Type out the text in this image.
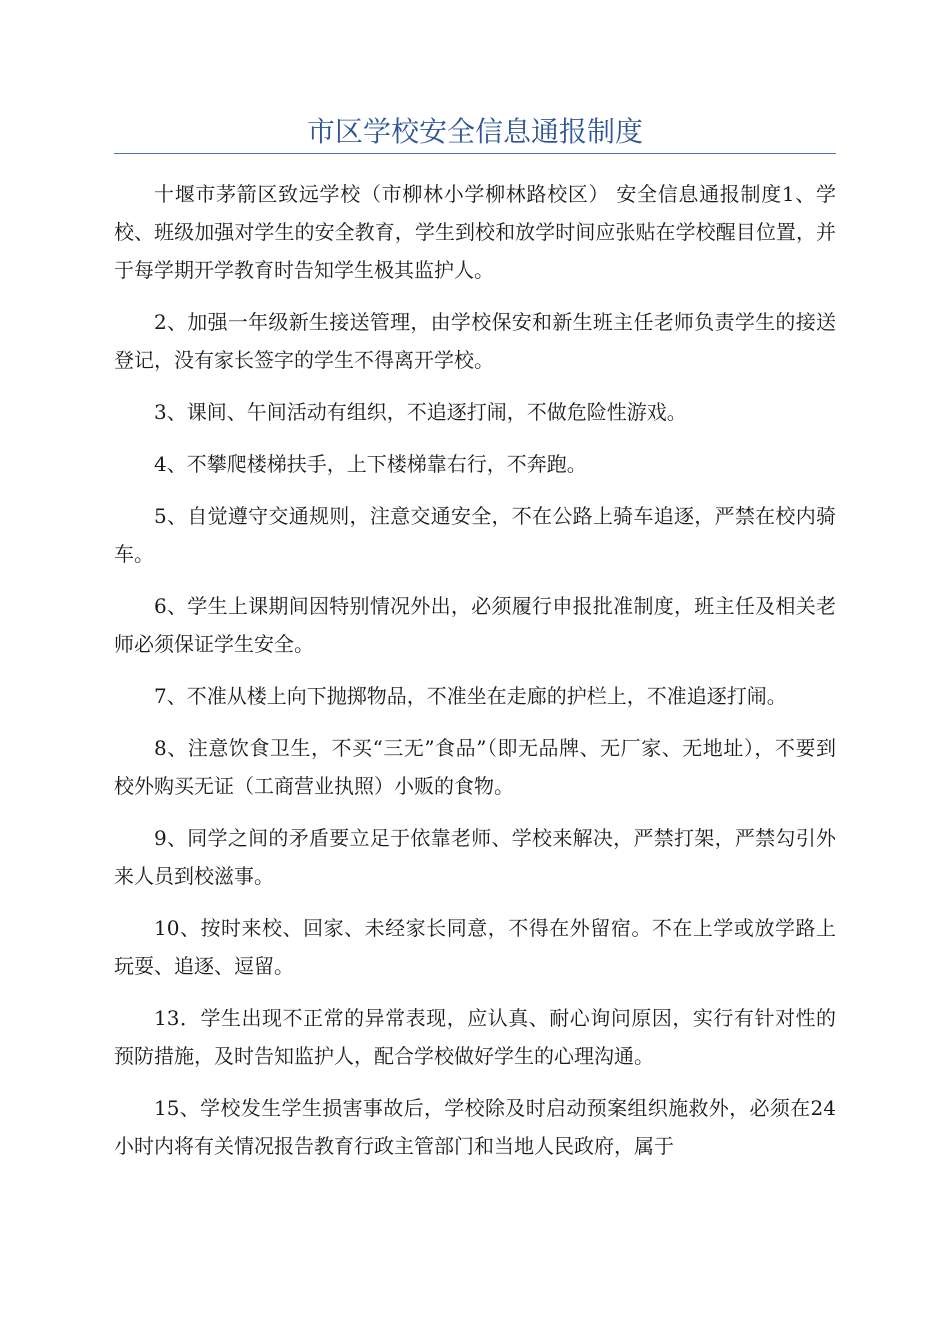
市区学校安全信息通报制度

十堰市茅箭区致远学校（市柳林小学柳林路校区） 安全信息通报制度1、学校、班级加强对学生的安全教育，学生到校和放学时间应张贴在学校醒目位置，并于每学期开学教育时告知学生极其监护人。

2、加强一年级新生接送管理，由学校保安和新生班主任老师负责学生的接送登记，没有家长签字的学生不得离开学校。

3、课间、午间活动有组织，不追逐打闹，不做危险性游戏。

4、不攀爬楼梯扶手，上下楼梯靠右行，不奔跑。

5、自觉遵守交通规则，注意交通安全，不在公路上骑车追逐，严禁在校内骑车。

6、学生上课期间因特别情况外出，必须履行申报批准制度，班主任及相关老师必须保证学生安全。

7、不准从楼上向下抛掷物品，不准坐在走廊的护栏上，不准追逐打闹。

8、注意饮食卫生，不买“三无”食品”（即无品牌、无厂家、无地址），不要到校外购买无证（工商营业执照）小贩的食物。

9、同学之间的矛盾要立足于依靠老师、学校来解决，严禁打架，严禁勾引外来人员到校滋事。

10、按时来校、回家、未经家长同意，不得在外留宿。不在上学或放学路上玩耍、追逐、逗留。

13．学生出现不正常的异常表现，应认真、耐心询问原因，实行有针对性的预防措施，及时告知监护人，配合学校做好学生的心理沟通。

15、学校发生学生损害事故后，学校除及时启动预案组织施救外，必须在24小时内将有关情况报告教育行政主管部门和当地人民政府，属于
